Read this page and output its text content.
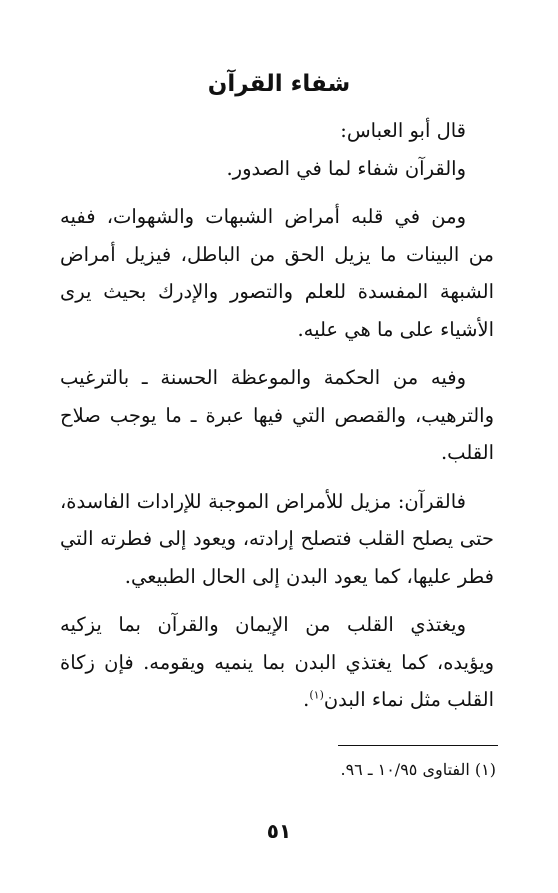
شفاء القرآن

قال أبو العباس:

والقرآن شفاء لما في الصدور.

ومن في قلبه أمراض الشبهات والشهوات، ففيه من البينات ما يزيل الحق من الباطل، فيزيل أمراض الشبهة المفسدة للعلم والتصور والإدرك بحيث يرى الأشياء على ما هي عليه.

وفيه من الحكمة والموعظة الحسنة ـ بالترغيب والترهيب، والقصص التي فيها عبرة ـ ما يوجب صلاح القلب.

فالقرآن: مزيل للأمراض الموجبة للإرادات الفاسدة، حتى يصلح القلب فتصلح إرادته، ويعود إلى فطرته التي فطر عليها، كما يعود البدن إلى الحال الطبيعي.

ويغتذي القلب من الإيمان والقرآن بما يزكيه ويؤيده، كما يغتذي البدن بما ينميه ويقومه. فإن زكاة القلب مثل نماء البدن$^{(١)}$.

(١) الفتاوى ١٠/٩٥ ـ ٩٦.
٥١
